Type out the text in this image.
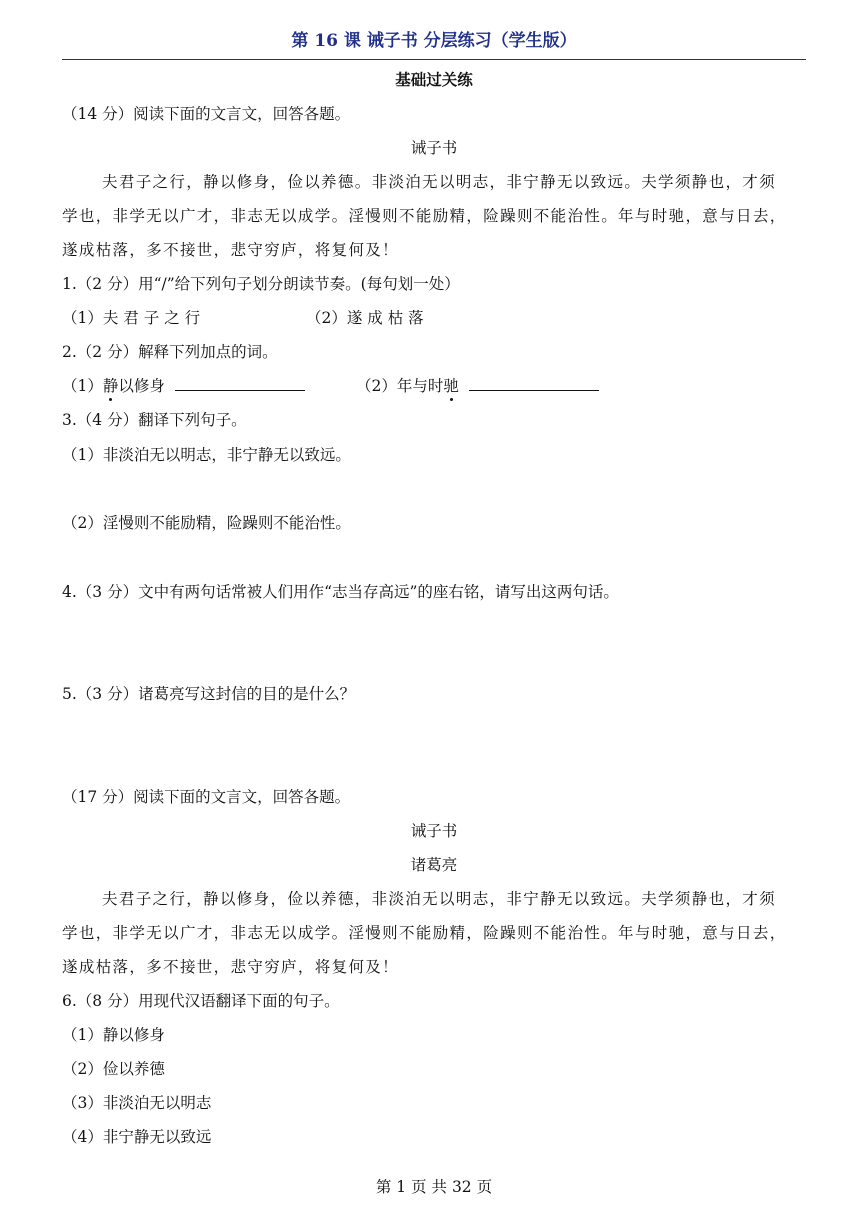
第 16 课 诫子书 分层练习（学生版）
基础过关练
（14 分）阅读下面的文言文，回答各题。
诫子书
夫君子之行，静以修身，俭以养德。非淡泊无以明志，非宁静无以致远。夫学须静也，才须
学也，非学无以广才，非志无以成学。淫慢则不能励精，险躁则不能治性。年与时驰，意与日去，
遂成枯落，多不接世，悲守穷庐，将复何及！
1.（2 分）用“/”给下列句子划分朗读节奏。(每句划一处）
（1）夫 君 子 之 行	（2）遂 成 枯 落
2.（2 分）解释下列加点的词。
（1）静以修身	（2）年与时驰
3.（4 分）翻译下列句子。
（1）非淡泊无以明志，非宁静无以致远。
（2）淫慢则不能励精，险躁则不能治性。
4.（3 分）文中有两句话常被人们用作“志当存高远”的座右铭，请写出这两句话。
5.（3 分）诸葛亮写这封信的目的是什么？
（17 分）阅读下面的文言文，回答各题。
诫子书
诸葛亮
夫君子之行，静以修身，俭以养德，非淡泊无以明志，非宁静无以致远。夫学须静也，才须
学也，非学无以广才，非志无以成学。淫慢则不能励精，险躁则不能治性。年与时驰，意与日去，
遂成枯落，多不接世，悲守穷庐，将复何及！
6.（8 分）用现代汉语翻译下面的句子。
（1）静以修身
（2）俭以养德
（3）非淡泊无以明志
（4）非宁静无以致远
第 1 页 共 32 页
